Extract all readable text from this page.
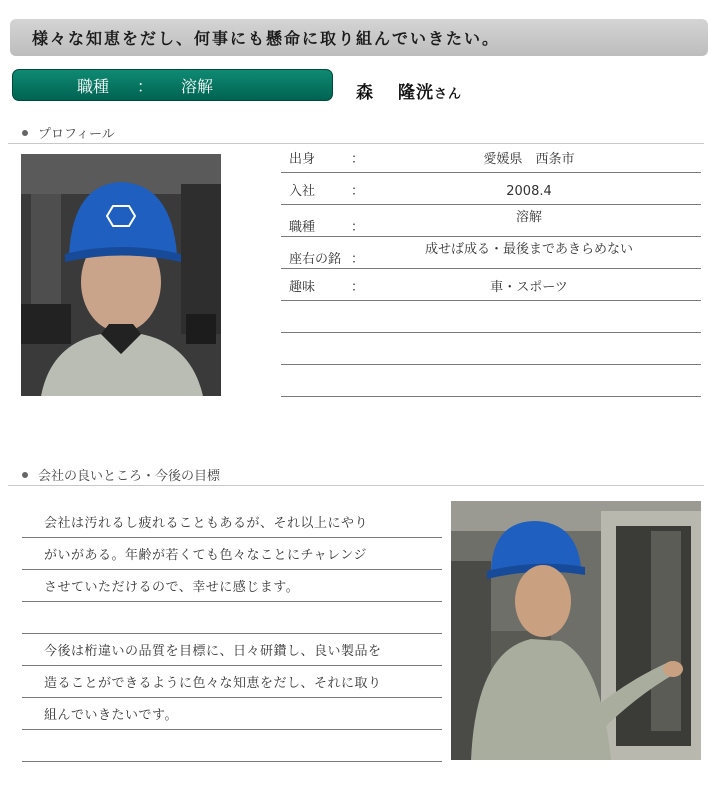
様々な知恵をだし、何事にも懸命に取り組んでいきたい。
職種 ： 溶解	森 隆洸さん
プロフィール
出身	：	愛媛県　西条市
入社	：	2008.4
職種	：
溶解
座右の銘 ：
成せば成る・最後まであきらめない
趣味	：	車・スポーツ
会社の良いところ・今後の目標
会社は汚れるし疲れることもあるが、それ以上にやり
がいがある。年齢が若くても色々なことにチャレンジ
させていただけるので、幸せに感じます。
今後は桁違いの品質を目標に、日々研鑽し、良い製品を
造ることができるように色々な知恵をだし、それに取り
組んでいきたいです。
